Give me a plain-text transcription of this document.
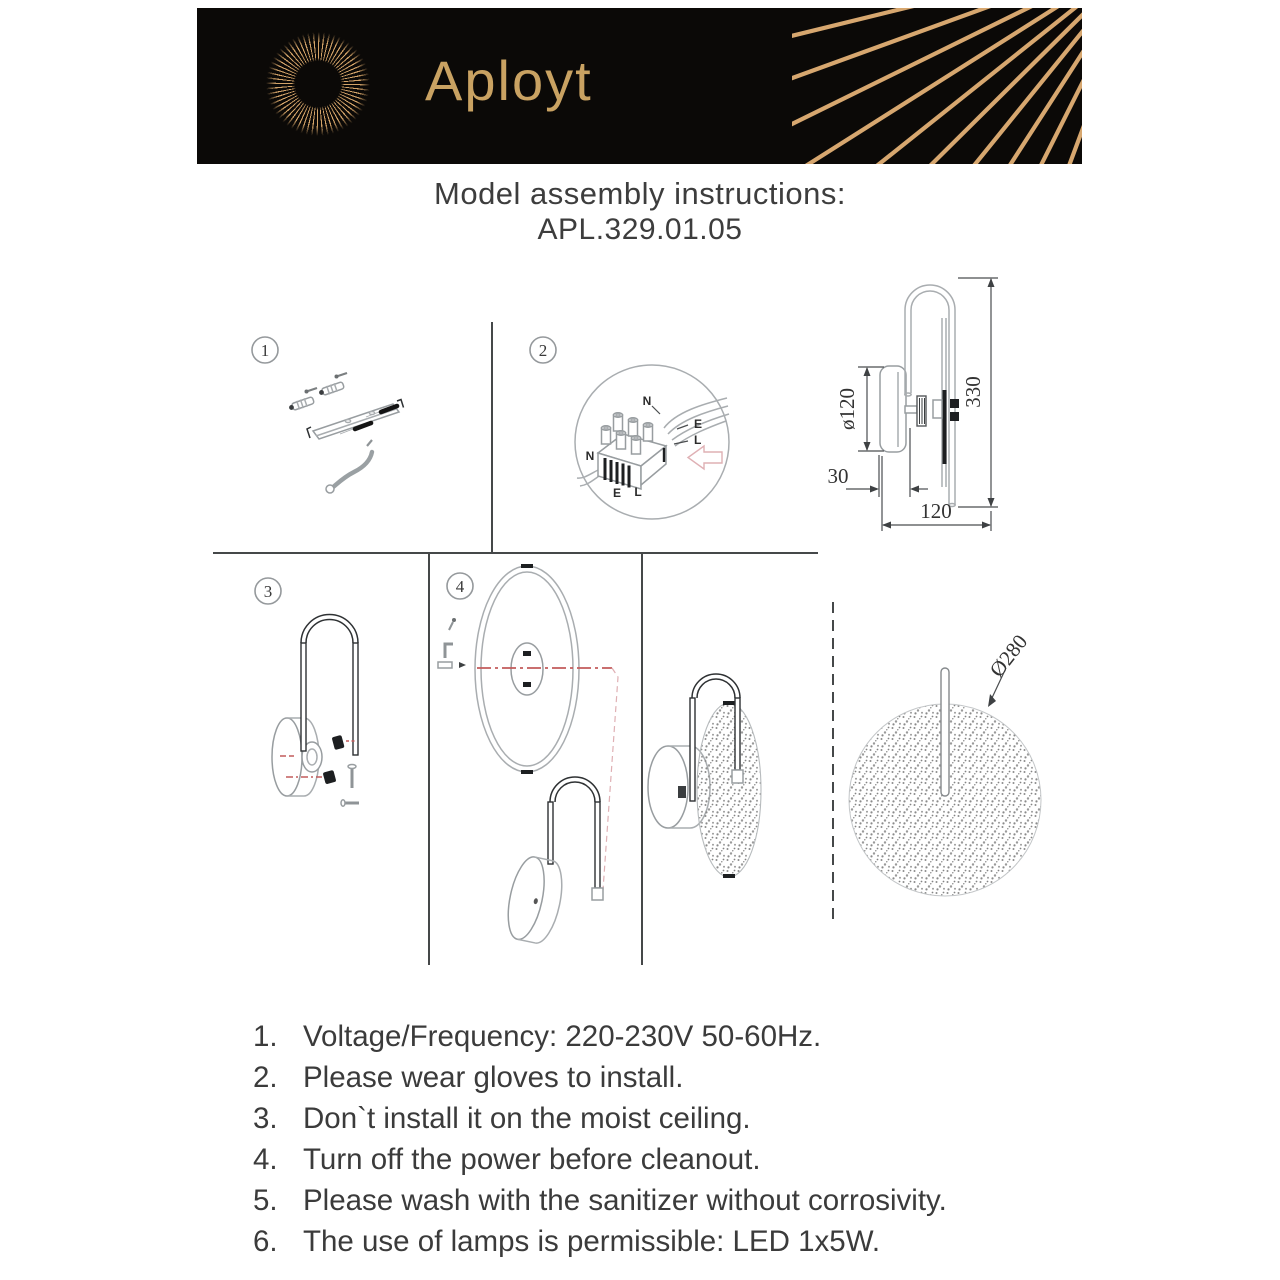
Aployt
Model assembly instructions:
APL.329.01.05
1	2
3	4
N
E
L
N
E L
ø120	330
30
120
Ø280
1. Voltage/Frequency: 220-230V 50-60Hz.
2. Please wear gloves to install.
3. Don`t install it on the moist ceiling.
4. Turn off the power before cleanout.
5. Please wash with the sanitizer without corrosivity.
6. The use of lamps is permissible: LED 1x5W.
